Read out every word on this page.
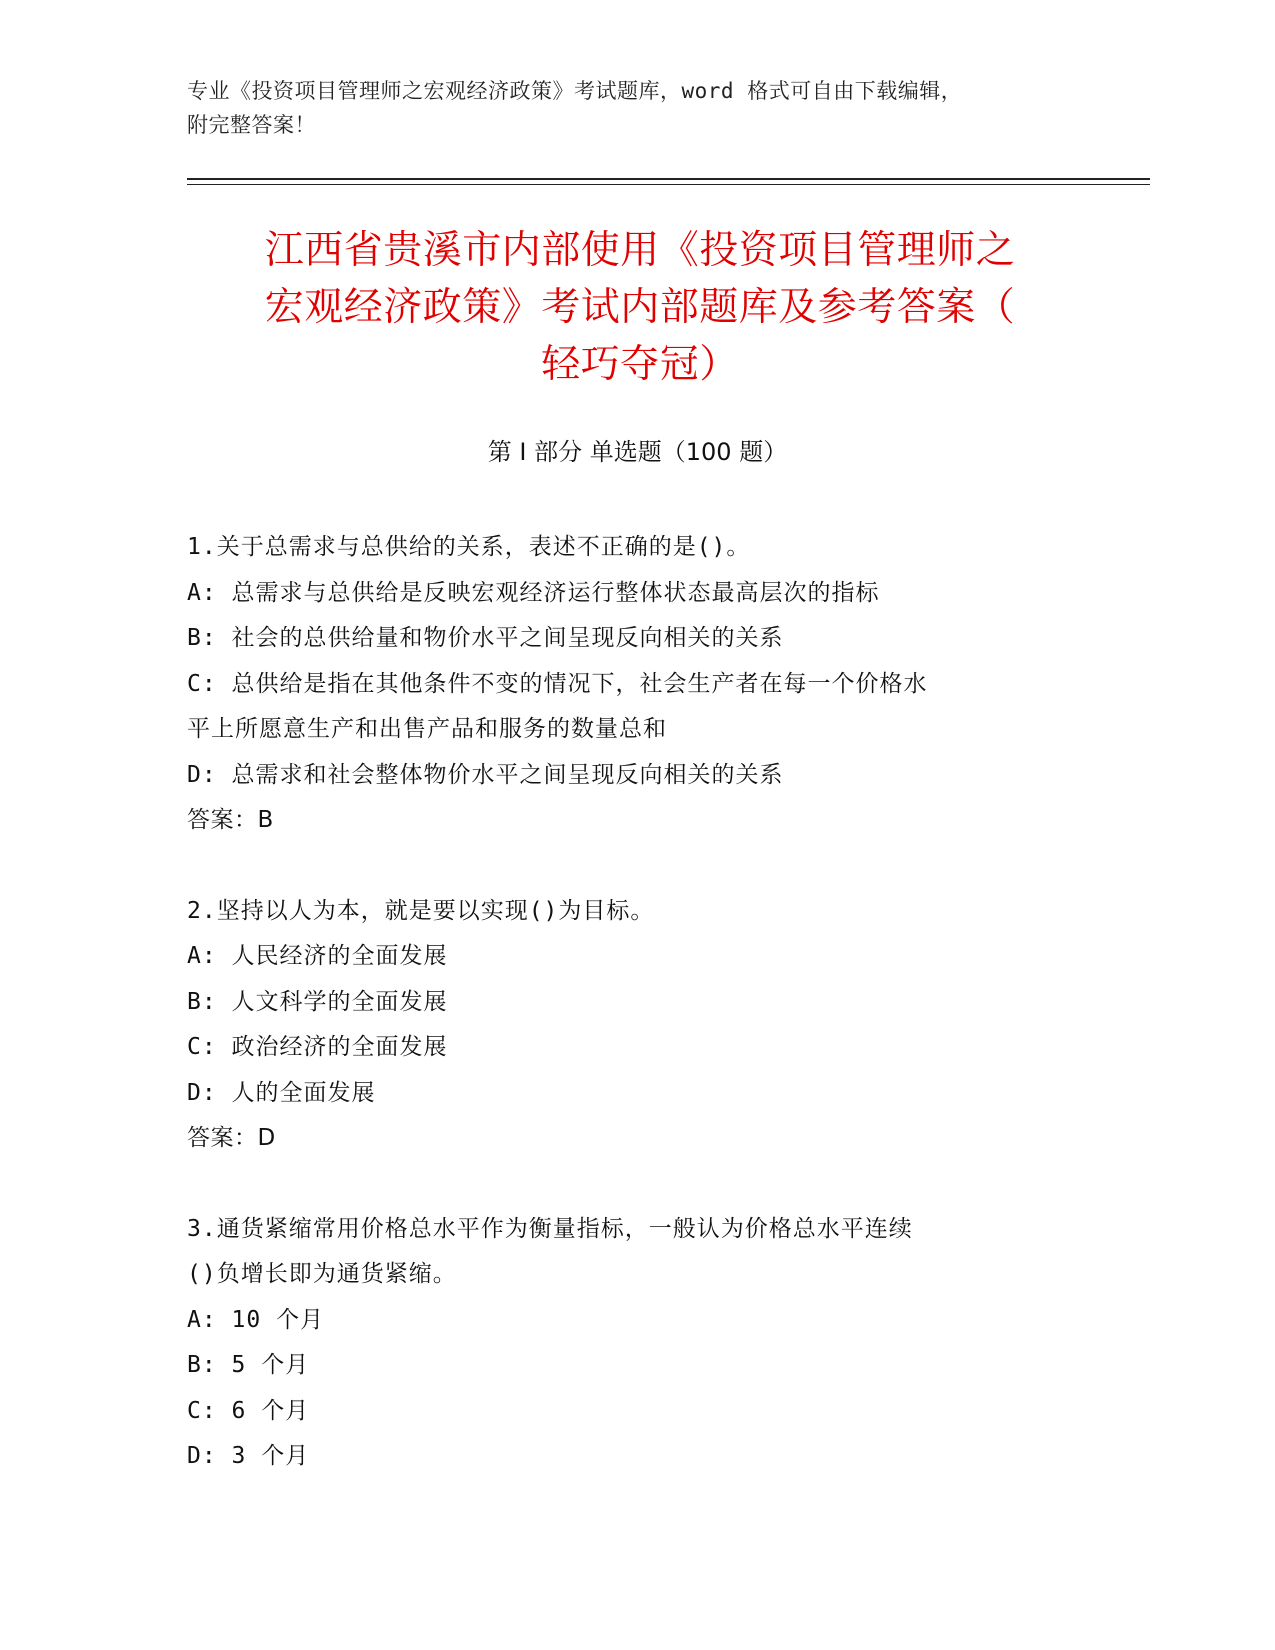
专业《投资项目管理师之宏观经济政策》考试题库，word 格式可自由下载编辑，
附完整答案！
江西省贵溪市内部使用《投资项目管理师之
宏观经济政策》考试内部题库及参考答案（
轻巧夺冠）
第 I 部分 单选题（100 题）
1.关于总需求与总供给的关系，表述不正确的是()。
A: 总需求与总供给是反映宏观经济运行整体状态最高层次的指标
B: 社会的总供给量和物价水平之间呈现反向相关的关系
C: 总供给是指在其他条件不变的情况下，社会生产者在每一个价格水
平上所愿意生产和出售产品和服务的数量总和
D: 总需求和社会整体物价水平之间呈现反向相关的关系
答案：B
2.坚持以人为本，就是要以实现()为目标。
A: 人民经济的全面发展
B: 人文科学的全面发展
C: 政治经济的全面发展
D: 人的全面发展
答案：D
3.通货紧缩常用价格总水平作为衡量指标，一般认为价格总水平连续
()负增长即为通货紧缩。
A: 10 个月
B: 5 个月
C: 6 个月
D: 3 个月
